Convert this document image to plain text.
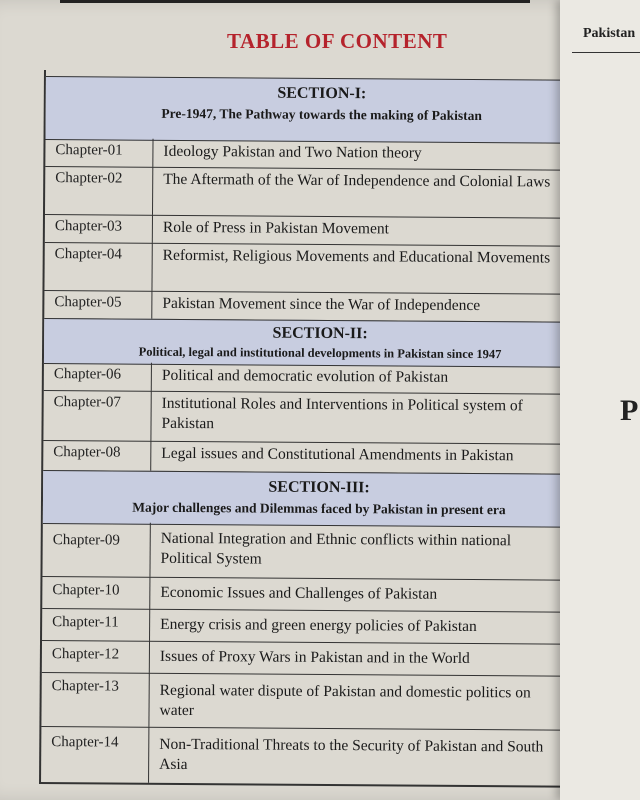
TABLE OF CONTENT
SECTION-I:
Pre-1947, The Pathway towards the making of Pakistan
Chapter-01	Ideology Pakistan and Two Nation theory
Chapter-02	The Aftermath of the War of Independence and Colonial Laws
Chapter-03	Role of Press in Pakistan Movement
Chapter-04	Reformist, Religious Movements and Educational Movements
Chapter-05	Pakistan Movement since the War of Independence
SECTION-II:
Political, legal and institutional developments in Pakistan since 1947
Chapter-06	Political and democratic evolution of Pakistan
Chapter-07	Institutional Roles and Interventions in Political system of Pakistan
Chapter-08	Legal issues and Constitutional Amendments in Pakistan
SECTION-III:
Major challenges and Dilemmas faced by Pakistan in present era
Chapter-09	National Integration and Ethnic conflicts within national Political System
Chapter-10	Economic Issues and Challenges of Pakistan
Chapter-11	Energy crisis and green energy policies of Pakistan
Chapter-12	Issues of Proxy Wars in Pakistan and in the World
Chapter-13	Regional water dispute of Pakistan and domestic politics on water
Chapter-14	Non-Traditional Threats to the Security of Pakistan and South Asia
Pakistan
P
